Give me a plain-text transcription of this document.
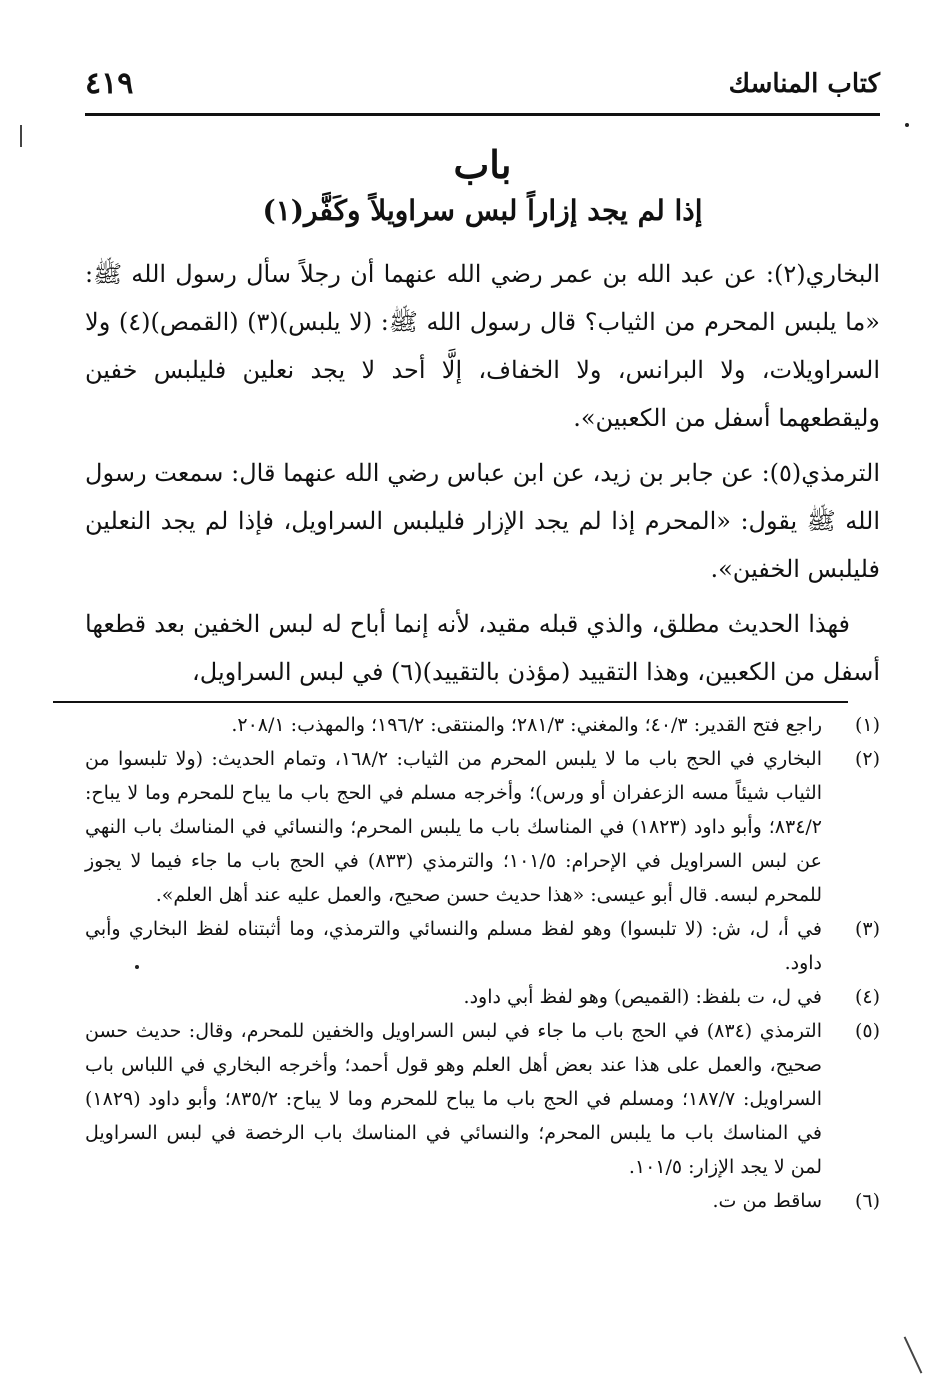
كتاب المناسك
٤١٩
باب
إذا لم يجد إزاراً لبس سراويلاً وكَفَّر(١)

البخاري(٢): عن عبد الله بن عمر رضي الله عنهما أن رجلاً سأل رسول الله ﷺ: «ما يلبس المحرم من الثياب؟ قال رسول الله ﷺ: (لا يلبس)(٣) (القمص)(٤) ولا السراويلات، ولا البرانس، ولا الخفاف، إلَّا أحد لا يجد نعلين فليلبس خفين وليقطعهما أسفل من الكعبين».

الترمذي(٥): عن جابر بن زيد، عن ابن عباس رضي الله عنهما قال: سمعت رسول الله ﷺ يقول: «المحرم إذا لم يجد الإزار فليلبس السراويل، فإذا لم يجد النعلين فليلبس الخفين».

فهذا الحديث مطلق، والذي قبله مقيد، لأنه إنما أباح له لبس الخفين بعد قطعها أسفل من الكعبين، وهذا التقييد (مؤذن بالتقييد)(٦) في لبس السراويل،

(١)
راجع فتح القدير: ٤٠/٣؛ والمغني: ٢٨١/٣؛ والمنتقى: ١٩٦/٢؛ والمهذب: ٢٠٨/١.
(٢)
البخاري في الحج باب ما لا يلبس المحرم من الثياب: ١٦٨/٢، وتمام الحديث: (ولا تلبسوا من الثياب شيئاً مسه الزعفران أو ورس)؛ وأخرجه مسلم في الحج باب ما يباح للمحرم وما لا يباح: ٨٣٤/٢؛ وأبو داود (١٨٢٣) في المناسك باب ما يلبس المحرم؛ والنسائي في المناسك باب النهي عن لبس السراويل في الإحرام: ١٠١/٥؛ والترمذي (٨٣٣) في الحج باب ما جاء فيما لا يجوز للمحرم لبسه. قال أبو عيسى: «هذا حديث حسن صحيح، والعمل عليه عند أهل العلم».
(٣)
في أ، ل، ش: (لا تلبسوا) وهو لفظ مسلم والنسائي والترمذي، وما أثبتناه لفظ البخاري وأبي داود.
(٤)
في ل، ت بلفظ: (القميص) وهو لفظ أبي داود.
(٥)
الترمذي (٨٣٤) في الحج باب ما جاء في لبس السراويل والخفين للمحرم، وقال: حديث حسن صحيح، والعمل على هذا عند بعض أهل العلم وهو قول أحمد؛ وأخرجه البخاري في اللباس باب السراويل: ١٨٧/٧؛ ومسلم في الحج باب ما يباح للمحرم وما لا يباح: ٨٣٥/٢؛ وأبو داود (١٨٢٩) في المناسك باب ما يلبس المحرم؛ والنسائي في المناسك باب الرخصة في لبس السراويل لمن لا يجد الإزار: ١٠١/٥.
(٦)
ساقط من ت.
